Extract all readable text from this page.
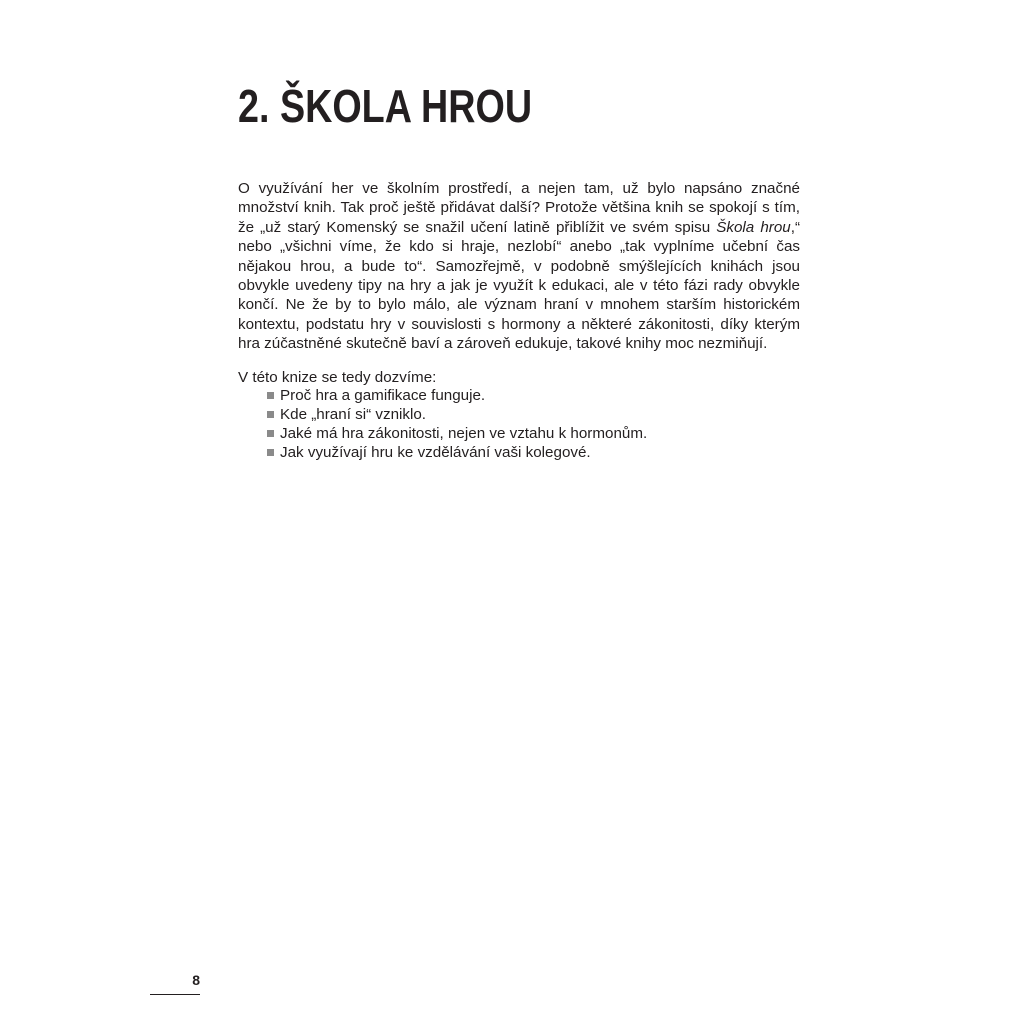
2. ŠKOLA HROU

O využívání her ve školním prostředí, a nejen tam, už bylo napsáno značné množství knih. Tak proč ještě přidávat další? Protože většina knih se spokojí s tím, že „už starý Komenský se snažil učení latině přiblížit ve svém spisu Škola hrou,“ nebo „všichni víme, že kdo si hraje, nezlobí“ anebo „tak vyplníme učební čas nějakou hrou, a bude to“. Samozřejmě, v podobně smýšlejících knihách jsou obvykle uvedeny tipy na hry a jak je využít k edukaci, ale v této fázi rady obvykle končí. Ne že by to bylo málo, ale význam hraní v mnohem starším historickém kontextu, podstatu hry v souvislosti s hormony a některé zákonitosti, díky kterým hra zúčastněné skutečně baví a zároveň edukuje, takové knihy moc nezmiňují.

V této knize se tedy dozvíme:

Proč hra a gamifikace funguje.
Kde „hraní si“ vzniklo.
Jaké má hra zákonitosti, nejen ve vztahu k hormonům.
Jak využívají hru ke vzdělávání vaši kolegové.
8
